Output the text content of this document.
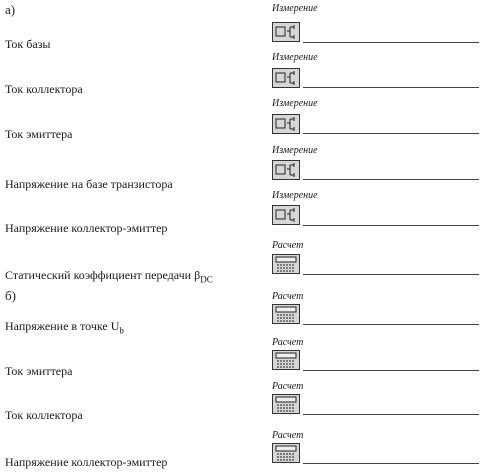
а)	Измерение
Ток базы
Измерение
Ток коллектора
Измерение
Ток эмиттера
Измерение
Напряжение на базе транзистора
Измерение
Напряжение коллектор-эмиттер
Расчет
Статический коэффициент передачи $\beta_{DC}$
б)	Расчет
Напряжение в точке $U_b$
Расчет
Ток эмиттера
Расчет
Ток коллектора
Расчет
Напряжение коллектор-эмиттер
